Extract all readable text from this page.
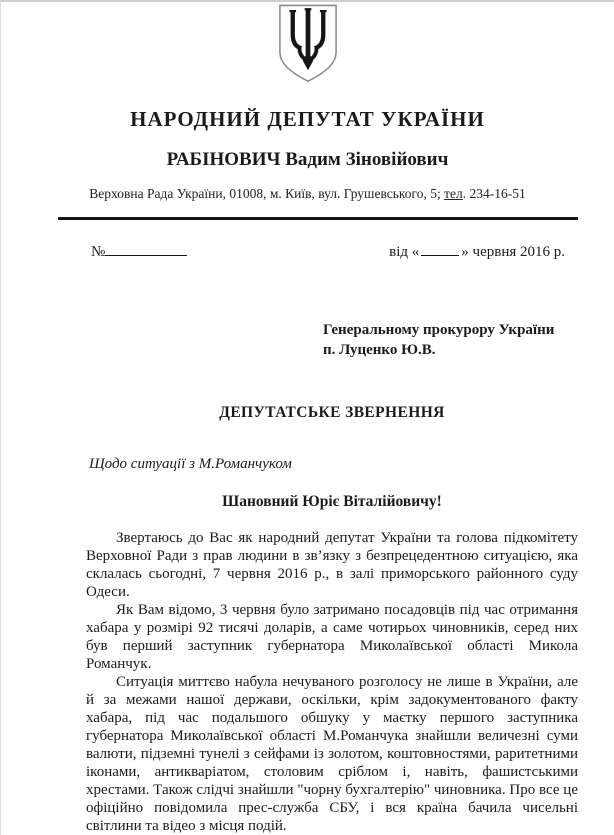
НАРОДНИЙ ДЕПУТАТ УКРАЇНИ
РАБІНОВИЧ Вадим Зіновійович
Верховна Рада України, 01008, м. Київ, вул. Грушевського, 5; тел. 234-16-51
№	від «	» червня 2016 р.
Генеральному прокурору України
п. Луценко Ю.В.
ДЕПУТАТСЬКЕ ЗВЕРНЕННЯ
Щодо ситуації з М.Романчуком
Шановний Юріє Віталійовичу!

Звертаюсь до Вас як народний депутат України та голова підкомітету Верховної Ради з прав людини в зв’язку з безпрецедентною ситуацією, яка склалась сьогодні, 7 червня 2016 р., в залі приморського районного суду Одеси.

Як Вам відомо, 3 червня було затримано посадовців під час отримання хабара у розмірі 92 тисячі доларів, а саме чотирьох чиновників, серед них був перший заступник губернатора Миколаївської області Микола Романчук.

Ситуація миттєво набула нечуваного розголосу не лише в України, але й за межами нашої держави, оскільки, крім задокументованого факту хабара, під час подальшого обшуку у маєтку першого заступника губернатора Миколаївської області М.Романчука знайшли величезні суми валюти, підземні тунелі з сейфами із золотом, коштовностями, раритетними іконами, антикваріатом, столовим сріблом і, навіть, фашистськими хрестами. Також слідчі знайшли "чорну бухгалтерію" чиновника. Про все це офіційно повідомила прес-служба СБУ, і вся країна бачила чисельні світлини та відео з місця подій.
